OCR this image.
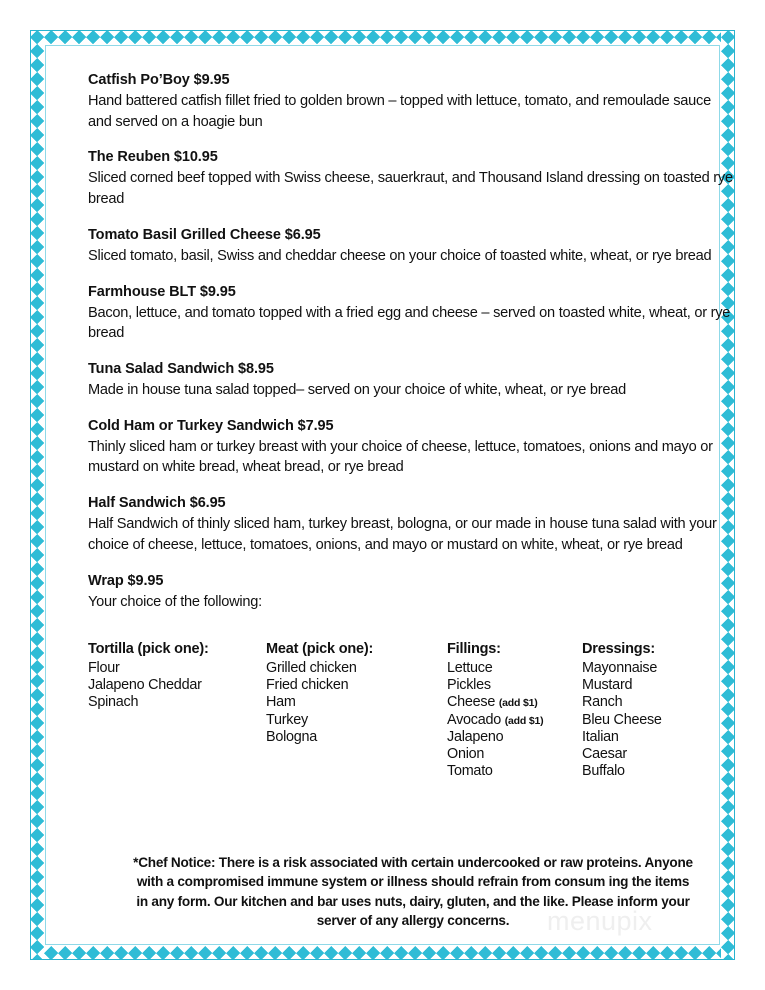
Catfish Po’Boy $9.95
Hand battered catfish fillet fried to golden brown – topped with lettuce, tomato, and remoulade sauce and served on a hoagie bun
The Reuben $10.95
Sliced corned beef topped with Swiss cheese, sauerkraut, and Thousand Island dressing on toasted rye bread
Tomato Basil Grilled Cheese $6.95
Sliced tomato, basil, Swiss and cheddar cheese on your choice of toasted white, wheat, or rye bread
Farmhouse BLT $9.95
Bacon, lettuce, and tomato topped with a fried egg and cheese – served on toasted white, wheat, or rye bread
Tuna Salad Sandwich $8.95
Made in house tuna salad topped– served on your choice of white, wheat, or rye bread
Cold Ham or Turkey Sandwich $7.95
Thinly sliced ham or turkey breast with your choice of cheese, lettuce, tomatoes, onions and mayo or mustard on white bread, wheat bread, or rye bread
Half Sandwich $6.95
Half Sandwich of thinly sliced ham, turkey breast, bologna, or our made in house tuna salad with your choice of cheese, lettuce, tomatoes, onions, and mayo or mustard on white, wheat, or rye bread
Wrap $9.95
Your choice of the following:
Tortilla (pick one):
Flour
Jalapeno Cheddar
Spinach
Meat (pick one):
Grilled chicken
Fried chicken
Ham
Turkey
Bologna
Fillings:
Lettuce
Pickles
Cheese (add $1)
Avocado (add $1)
Jalapeno
Onion
Tomato
Dressings:
Mayonnaise
Mustard
Ranch
Bleu Cheese
Italian
Caesar
Buffalo
*Chef Notice: There is a risk associated with certain undercooked or raw proteins. Anyone
with a compromised immune system or illness should refrain from consum ing the items
in any form. Our kitchen and bar uses nuts, dairy, gluten, and the like. Please inform your
server of any allergy concerns.	menupix
